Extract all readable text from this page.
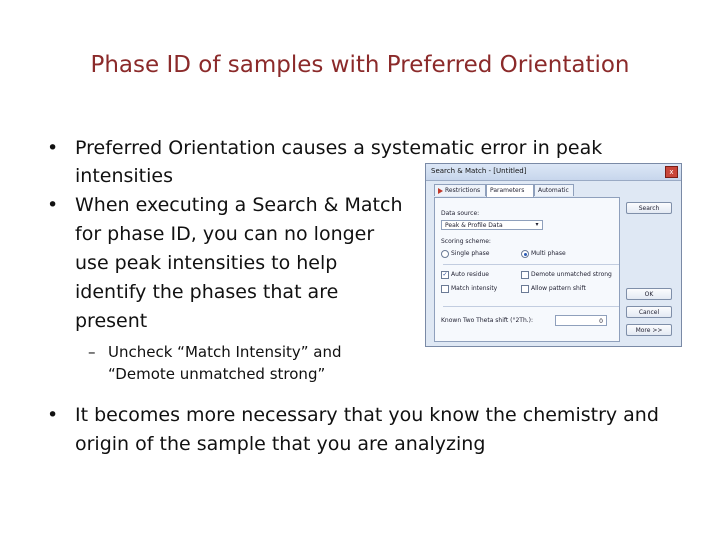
Phase ID of samples with Preferred Orientation
• Preferred Orientation causes a systematic error in peak
intensities
• When executing a Search & Match
for phase ID, you can no longer
use peak intensities to help
identify the phases that are
present
– Uncheck “Match Intensity” and
“Demote unmatched strong”
• It becomes more necessary that you know the chemistry and
origin of the sample that you are analyzing
Search & Match - [Untitled]	x
Restrictions	Parameters	Automatic
Data source:
Peak & Profile Data	▾
Scoring scheme:
Single phase	Multi phase
✓ Auto residue	Demote unmatched strong
Match intensity	Allow pattern shift
Known Two Theta shift (°2Th.):	0
Search
OK
Cancel
More >>
